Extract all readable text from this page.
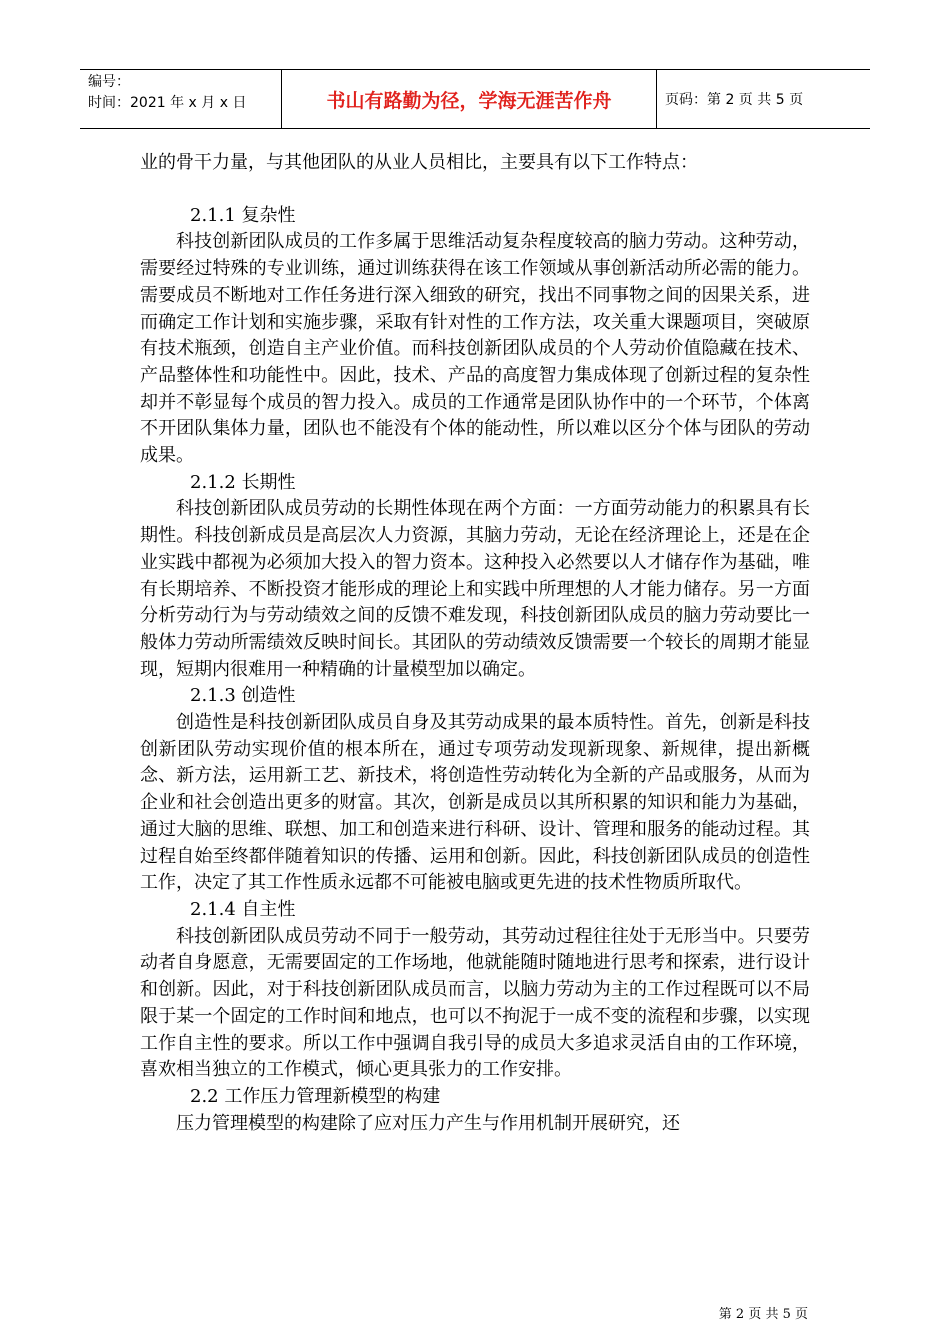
编号：
时间：2021 年 x 月 x 日	书山有路勤为径，学海无涯苦作舟	页码：第 2 页 共 5 页

业的骨干力量，与其他团队的从业人员相比，主要具有以下工作特点：

2.1.1 复杂性

科技创新团队成员的工作多属于思维活动复杂程度较高的脑力劳动。这种劳动，需要经过特殊的专业训练，通过训练获得在该工作领域从事创新活动所必需的能力。需要成员不断地对工作任务进行深入细致的研究，找出不同事物之间的因果关系，进而确定工作计划和实施步骤，采取有针对性的工作方法，攻关重大课题项目，突破原有技术瓶颈，创造自主产业价值。而科技创新团队成员的个人劳动价值隐藏在技术、产品整体性和功能性中。因此，技术、产品的高度智力集成体现了创新过程的复杂性却并不彰显每个成员的智力投入。成员的工作通常是团队协作中的一个环节，个体离不开团队集体力量，团队也不能没有个体的能动性，所以难以区分个体与团队的劳动成果。

2.1.2 长期性

科技创新团队成员劳动的长期性体现在两个方面：一方面劳动能力的积累具有长期性。科技创新成员是高层次人力资源，其脑力劳动，无论在经济理论上，还是在企业实践中都视为必须加大投入的智力资本。这种投入必然要以人才储存作为基础，唯有长期培养、不断投资才能形成的理论上和实践中所理想的人才能力储存。另一方面分析劳动行为与劳动绩效之间的反馈不难发现，科技创新团队成员的脑力劳动要比一般体力劳动所需绩效反映时间长。其团队的劳动绩效反馈需要一个较长的周期才能显现，短期内很难用一种精确的计量模型加以确定。

2.1.3 创造性

创造性是科技创新团队成员自身及其劳动成果的最本质特性。首先，创新是科技创新团队劳动实现价值的根本所在，通过专项劳动发现新现象、新规律，提出新概念、新方法，运用新工艺、新技术，将创造性劳动转化为全新的产品或服务，从而为企业和社会创造出更多的财富。其次，创新是成员以其所积累的知识和能力为基础，通过大脑的思维、联想、加工和创造来进行科研、设计、管理和服务的能动过程。其过程自始至终都伴随着知识的传播、运用和创新。因此，科技创新团队成员的创造性工作，决定了其工作性质永远都不可能被电脑或更先进的技术性物质所取代。

2.1.4 自主性

科技创新团队成员劳动不同于一般劳动，其劳动过程往往处于无形当中。只要劳动者自身愿意，无需要固定的工作场地，他就能随时随地进行思考和探索，进行设计和创新。因此，对于科技创新团队成员而言，以脑力劳动为主的工作过程既可以不局限于某一个固定的工作时间和地点，也可以不拘泥于一成不变的流程和步骤，以实现工作自主性的要求。所以工作中强调自我引导的成员大多追求灵活自由的工作环境，喜欢相当独立的工作模式，倾心更具张力的工作安排。

2.2 工作压力管理新模型的构建

压力管理模型的构建除了应对压力产生与作用机制开展研究，还

第 2 页 共 5 页
